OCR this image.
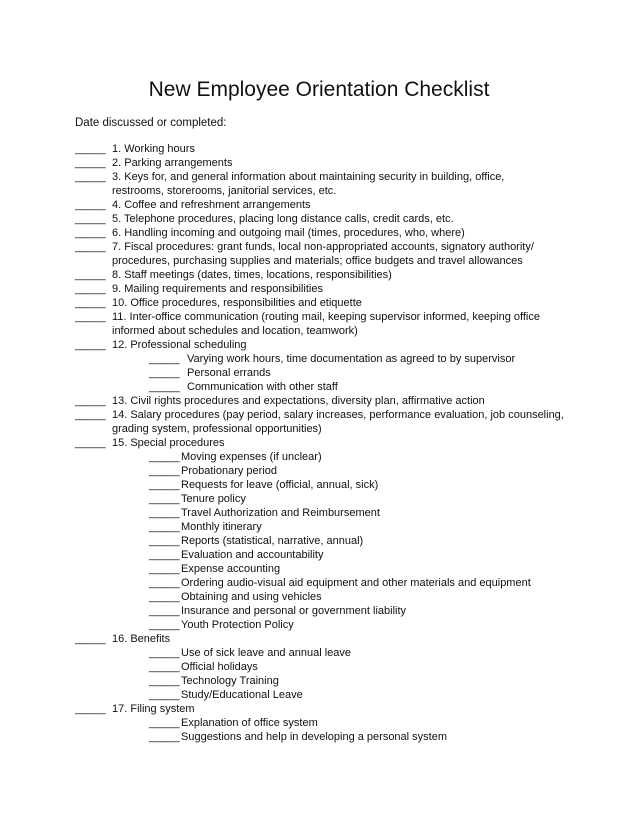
New Employee Orientation Checklist
Date discussed or completed:
_____ 1. Working hours
_____ 2. Parking arrangements
_____ 3. Keys for, and general information about maintaining security in building, office,
restrooms, storerooms, janitorial services, etc.
_____ 4. Coffee and refreshment arrangements
_____ 5. Telephone procedures, placing long distance calls, credit cards, etc.
_____ 6. Handling incoming and outgoing mail (times, procedures, who, where)
_____ 7. Fiscal procedures: grant funds, local non-appropriated accounts, signatory authority/
procedures, purchasing supplies and materials; office budgets and travel allowances
_____ 8. Staff meetings (dates, times, locations, responsibilities)
_____ 9. Mailing requirements and responsibilities
_____ 10. Office procedures, responsibilities and etiquette
_____ 11. Inter-office communication (routing mail, keeping supervisor informed, keeping office
informed about schedules and location, teamwork)
_____ 12. Professional scheduling
_____ Varying work hours, time documentation as agreed to by supervisor
_____ Personal errands
_____ Communication with other staff
_____ 13. Civil rights procedures and expectations, diversity plan, affirmative action
_____ 14. Salary procedures (pay period, salary increases, performance evaluation, job counseling,
grading system, professional opportunities)
_____ 15. Special procedures
_____ Moving expenses (if unclear)
_____ Probationary period
_____ Requests for leave (official, annual, sick)
_____ Tenure policy
_____ Travel Authorization and Reimbursement
_____ Monthly itinerary
_____ Reports (statistical, narrative, annual)
_____ Evaluation and accountability
_____ Expense accounting
_____ Ordering audio-visual aid equipment and other materials and equipment
_____ Obtaining and using vehicles
_____ Insurance and personal or government liability
_____ Youth Protection Policy
_____ 16. Benefits
_____ Use of sick leave and annual leave
_____ Official holidays
_____ Technology Training
_____ Study/Educational Leave
_____ 17. Filing system
_____ Explanation of office system
_____ Suggestions and help in developing a personal system
